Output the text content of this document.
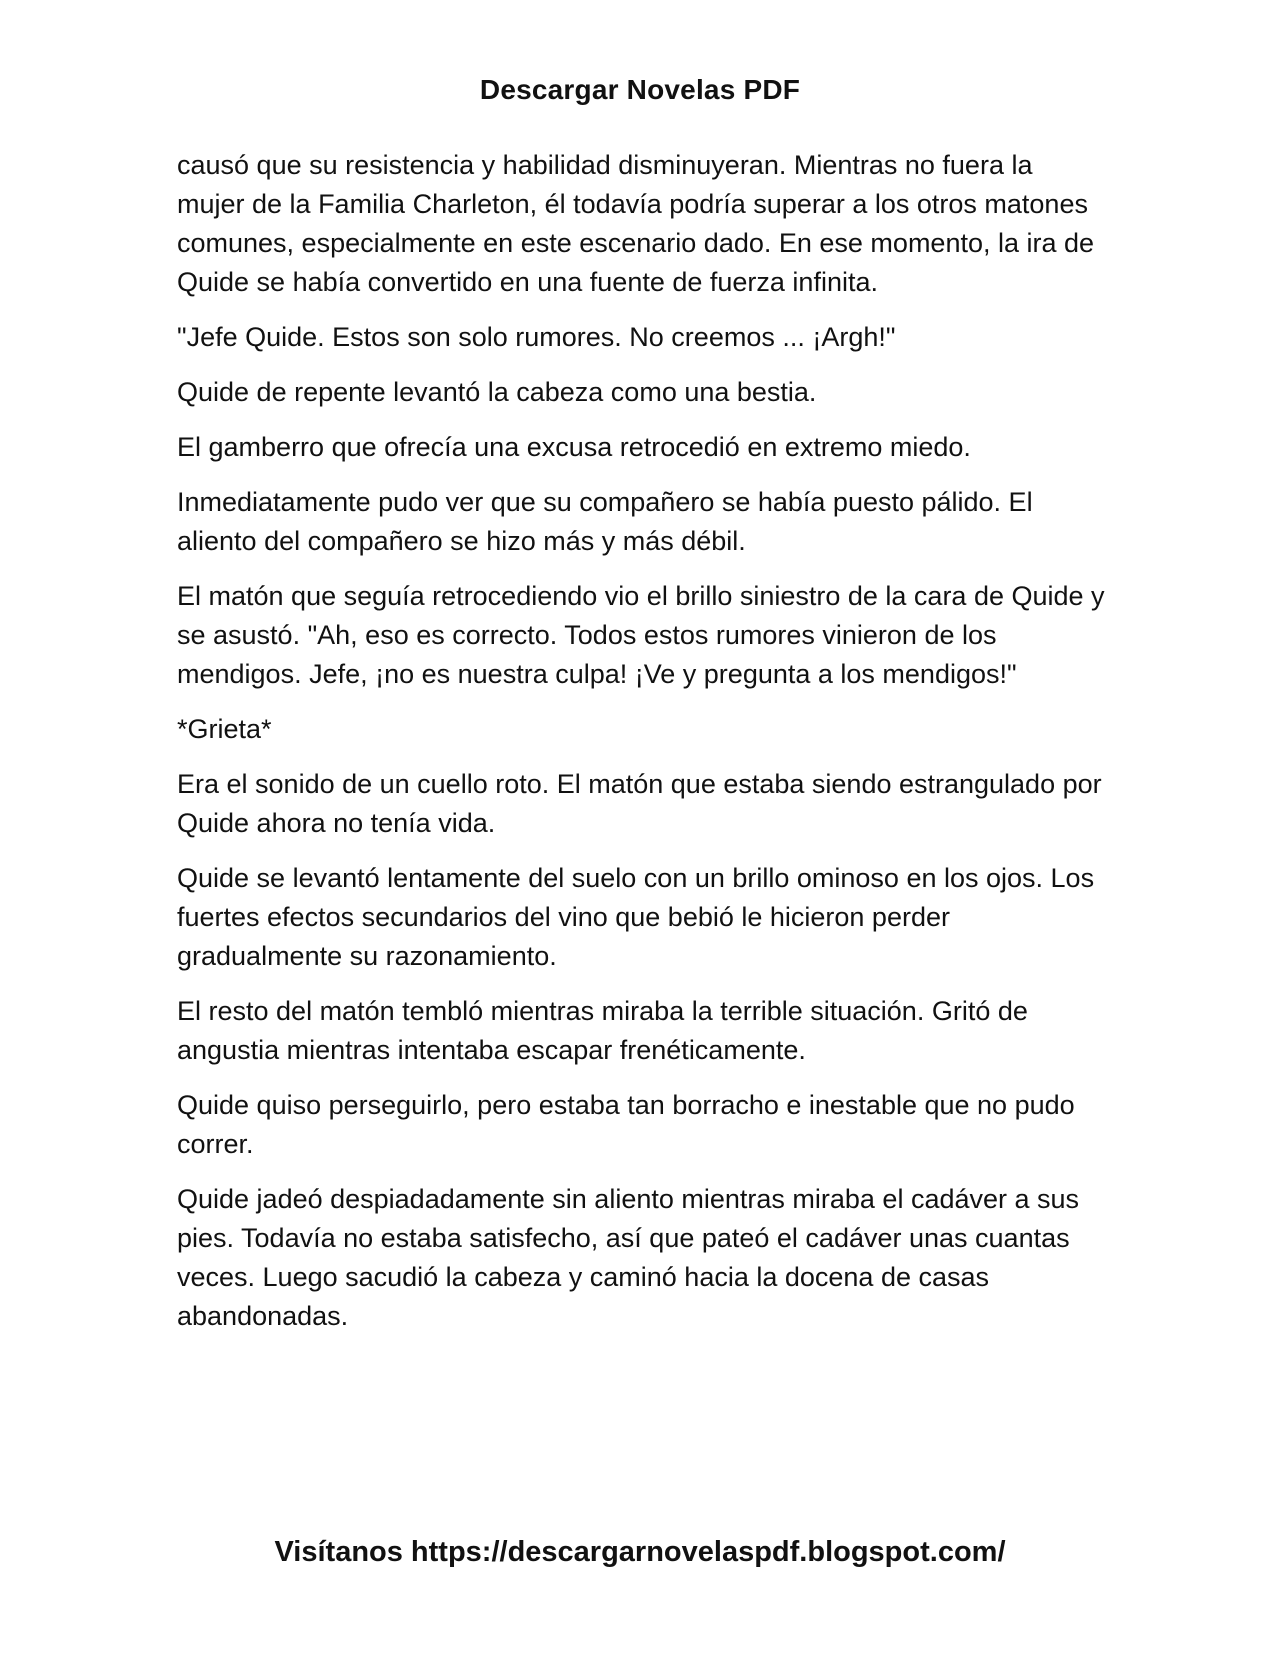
Descargar Novelas PDF

causó que su resistencia y habilidad disminuyeran. Mientras no fuera la mujer de la Familia Charleton, él todavía podría superar a los otros matones comunes, especialmente en este escenario dado. En ese momento, la ira de Quide se había convertido en una fuente de fuerza infinita.

"Jefe Quide. Estos son solo rumores. No creemos ... ¡Argh!"

Quide de repente levantó la cabeza como una bestia.

El gamberro que ofrecía una excusa retrocedió en extremo miedo.

Inmediatamente pudo ver que su compañero se había puesto pálido. El aliento del compañero se hizo más y más débil.

El matón que seguía retrocediendo vio el brillo siniestro de la cara de Quide y se asustó. "Ah, eso es correcto. Todos estos rumores vinieron de los mendigos. Jefe, ¡no es nuestra culpa! ¡Ve y pregunta a los mendigos!"

*Grieta*

Era el sonido de un cuello roto. El matón que estaba siendo estrangulado por Quide ahora no tenía vida.

Quide se levantó lentamente del suelo con un brillo ominoso en los ojos. Los fuertes efectos secundarios del vino que bebió le hicieron perder gradualmente su razonamiento.

El resto del matón tembló mientras miraba la terrible situación. Gritó de angustia mientras intentaba escapar frenéticamente.

Quide quiso perseguirlo, pero estaba tan borracho e inestable que no pudo correr.

Quide jadeó despiadadamente sin aliento mientras miraba el cadáver a sus pies. Todavía no estaba satisfecho, así que pateó el cadáver unas cuantas veces. Luego sacudió la cabeza y caminó hacia la docena de casas abandonadas.

Visítanos https://descargarnovelaspdf.blogspot.com/
